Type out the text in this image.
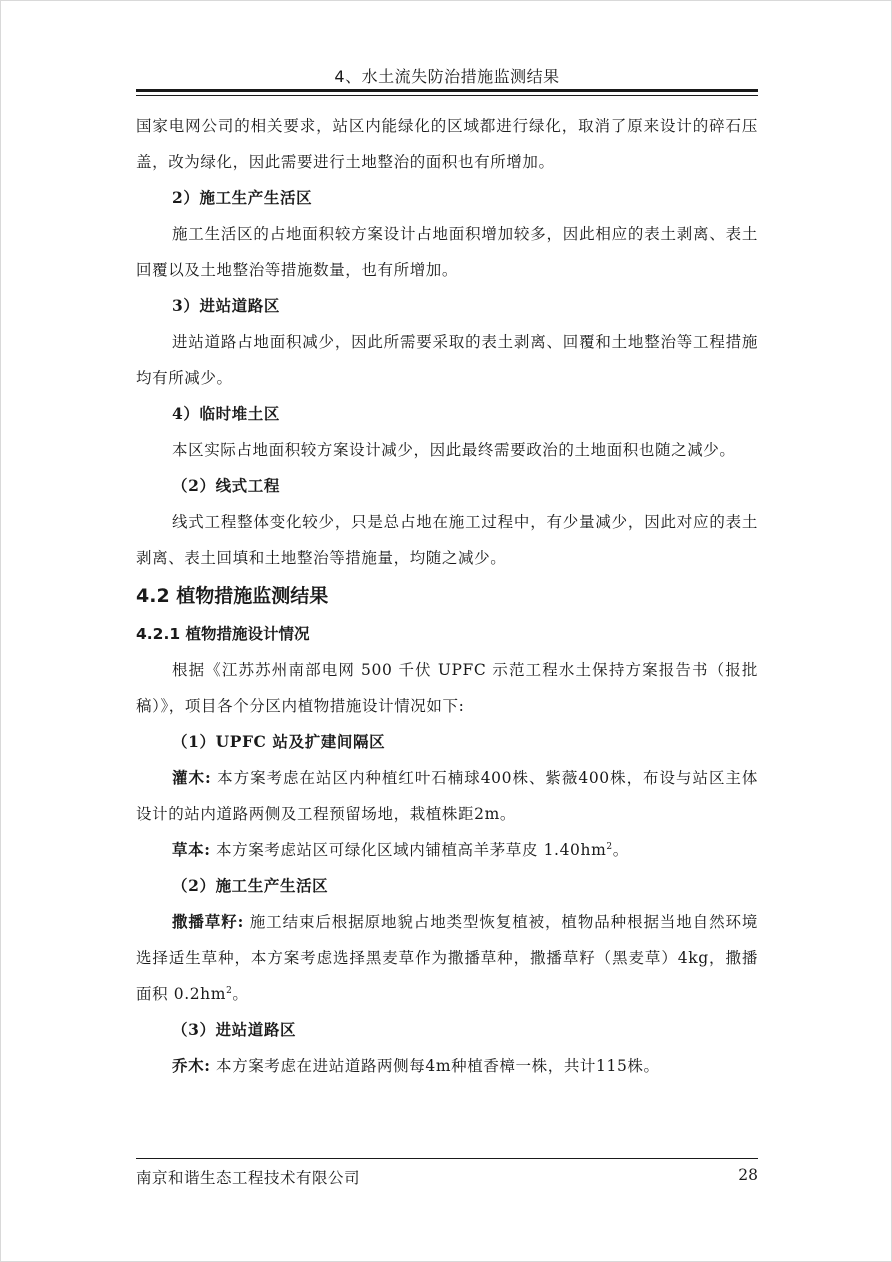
4、水土流失防治措施监测结果

国家电网公司的相关要求，站区内能绿化的区域都进行绿化，取消了原来设计的碎石压盖，改为绿化，因此需要进行土地整治的面积也有所增加。

2）施工生产生活区

施工生活区的占地面积较方案设计占地面积增加较多，因此相应的表土剥离、表土回覆以及土地整治等措施数量，也有所增加。

3）进站道路区

进站道路占地面积减少，因此所需要采取的表土剥离、回覆和土地整治等工程措施均有所减少。

4）临时堆土区

本区实际占地面积较方案设计减少，因此最终需要政治的土地面积也随之减少。

（2）线式工程

线式工程整体变化较少，只是总占地在施工过程中，有少量减少，因此对应的表土剥离、表土回填和土地整治等措施量，均随之减少。

4.2 植物措施监测结果

4.2.1 植物措施设计情况

根据《江苏苏州南部电网 500 千伏 UPFC 示范工程水土保持方案报告书（报批稿）》，项目各个分区内植物措施设计情况如下:

（1）UPFC 站及扩建间隔区

灌木: 本方案考虑在站区内种植红叶石楠球400株、紫薇400株，布设与站区主体设计的站内道路两侧及工程预留场地，栽植株距2m。

草本: 本方案考虑站区可绿化区域内铺植高羊茅草皮 $1.40hm^2$。

（2）施工生产生活区

撒播草籽: 施工结束后根据原地貌占地类型恢复植被，植物品种根据当地自然环境选择适生草种，本方案考虑选择黑麦草作为撒播草种，撒播草籽（黑麦草）4kg，撒播面积 $0.2hm^2$。

（3）进站道路区

乔木: 本方案考虑在进站道路两侧每4m种植香樟一株，共计115株。

南京和谐生态工程技术有限公司	28
